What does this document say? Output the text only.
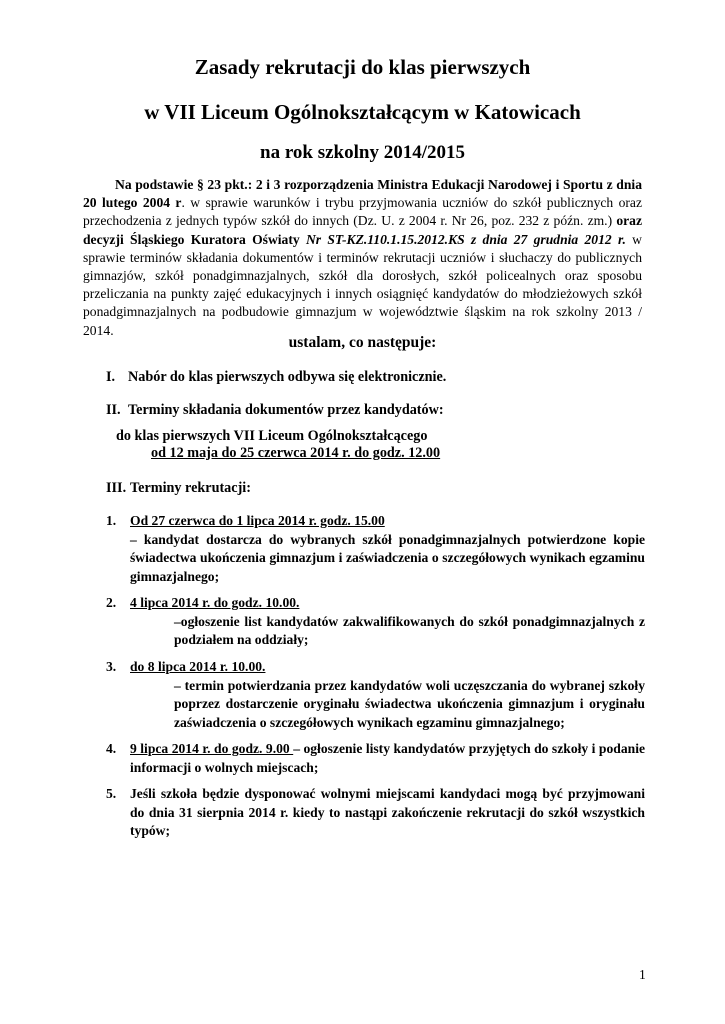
Zasady rekrutacji do klas pierwszych
w VII Liceum Ogólnokształcącym w Katowicach
na rok szkolny 2014/2015

Na podstawie § 23 pkt.: 2 i 3 rozporządzenia Ministra Edukacji Narodowej i Sportu z dnia 20 lutego 2004 r. w sprawie warunków i trybu przyjmowania uczniów do szkół publicznych oraz przechodzenia z jednych typów szkół do innych (Dz. U. z 2004 r. Nr 26, poz. 232 z późn. zm.) oraz decyzji Śląskiego Kuratora Oświaty Nr ST-KZ.110.1.15.2012.KS z dnia 27 grudnia 2012 r. w sprawie terminów składania dokumentów i terminów rekrutacji uczniów i słuchaczy do publicznych gimnazjów, szkół ponadgimnazjalnych, szkół dla dorosłych, szkół policealnych oraz sposobu przeliczania na punkty zajęć edukacyjnych i innych osiągnięć kandydatów do młodzieżowych szkół ponadgimnazjalnych na podbudowie gimnazjum w województwie śląskim na rok szkolny 2013 / 2014.

ustalam, co następuje:

I. Nabór do klas pierwszych odbywa się elektronicznie.

II. Terminy składania dokumentów przez kandydatów:

do klas pierwszych VII Liceum Ogólnokształcącego

od 12 maja do 25 czerwca 2014 r. do godz. 12.00

III. Terminy rekrutacji:

1. Od 27 czerwca do 1 lipca 2014 r. godz. 15.00
– kandydat dostarcza do wybranych szkół ponadgimnazjalnych potwierdzone kopie świadectwa ukończenia gimnazjum i zaświadczenia o szczegółowych wynikach egzaminu gimnazjalnego;
2. 4 lipca 2014 r. do godz. 10.00.
–ogłoszenie list kandydatów zakwalifikowanych do szkół ponadgimnazjalnych z podziałem na oddziały;
3. do 8 lipca 2014 r. 10.00.
– termin potwierdzania przez kandydatów woli uczęszczania do wybranej szkoły poprzez dostarczenie oryginału świadectwa ukończenia gimnazjum i oryginału zaświadczenia o szczegółowych wynikach egzaminu gimnazjalnego;
4. 9 lipca 2014 r. do godz. 9.00 – ogłoszenie listy kandydatów przyjętych do szkoły i podanie informacji o wolnych miejscach;
5. Jeśli szkoła będzie dysponować wolnymi miejscami kandydaci mogą być przyjmowani do dnia 31 sierpnia 2014 r. kiedy to nastąpi zakończenie rekrutacji do szkół wszystkich typów;

1
